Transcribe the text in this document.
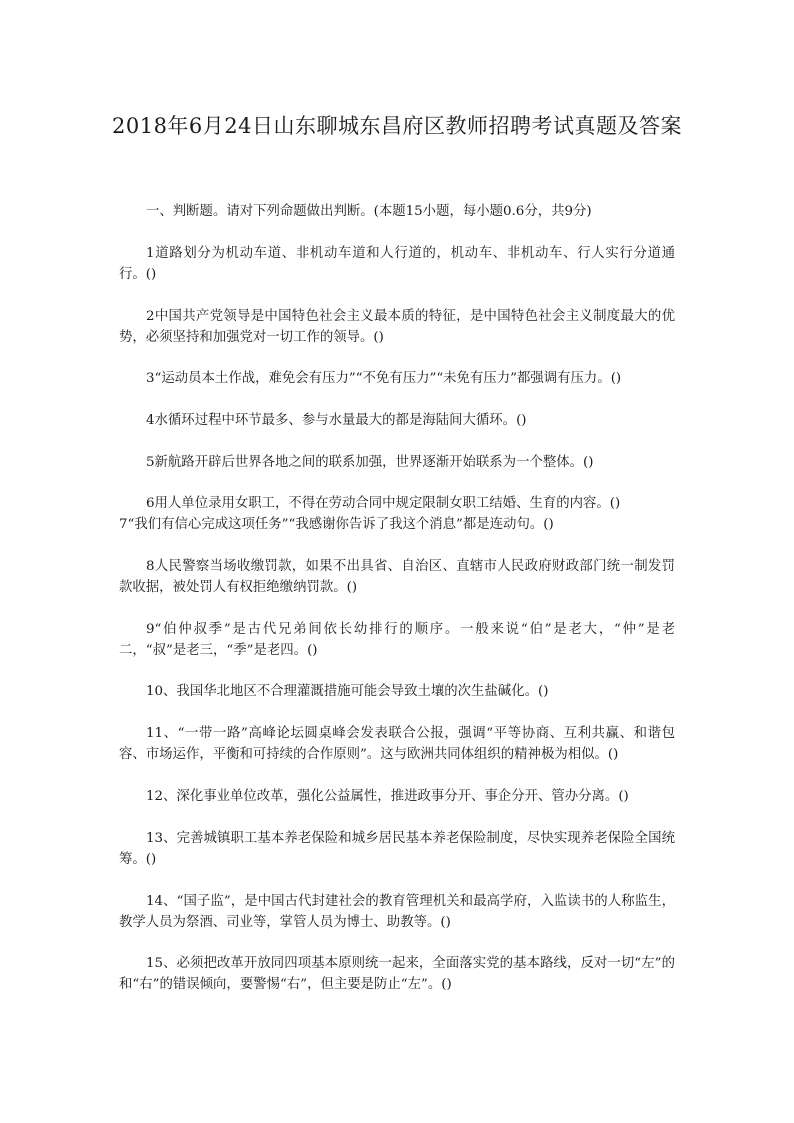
2018年6月24日山东聊城东昌府区教师招聘考试真题及答案

一、判断题。请对下列命题做出判断。(本题15小题，每小题0.6分，共9分)

1道路划分为机动车道、非机动车道和人行道的，机动车、非机动车、行人实行分道通行。()

2中国共产党领导是中国特色社会主义最本质的特征，是中国特色社会主义制度最大的优势，必须坚持和加强党对一切工作的领导。()

3“运动员本土作战，难免会有压力”“不免有压力”“未免有压力”都强调有压力。()

4水循环过程中环节最多、参与水量最大的都是海陆间大循环。()

5新航路开辟后世界各地之间的联系加强，世界逐渐开始联系为一个整体。()

6用人单位录用女职工，不得在劳动合同中规定限制女职工结婚、生育的内容。()

7“我们有信心完成这项任务”“我感谢你告诉了我这个消息”都是连动句。()

8人民警察当场收缴罚款，如果不出具省、自治区、直辖市人民政府财政部门统一制发罚款收据，被处罚人有权拒绝缴纳罚款。()

9“伯仲叔季”是古代兄弟间依长幼排行的顺序。一般来说“伯”是老大，“仲”是老二，“叔”是老三，“季”是老四。()

10、我国华北地区不合理灌溉措施可能会导致土壤的次生盐碱化。()

11、“一带一路”高峰论坛圆桌峰会发表联合公报，强调“平等协商、互利共赢、和谐包容、市场运作，平衡和可持续的合作原则”。这与欧洲共同体组织的精神极为相似。()

12、深化事业单位改革，强化公益属性，推进政事分开、事企分开、管办分离。()

13、完善城镇职工基本养老保险和城乡居民基本养老保险制度，尽快实现养老保险全国统筹。()

14、“国子监”，是中国古代封建社会的教育管理机关和最高学府，入监读书的人称监生，教学人员为祭酒、司业等，掌管人员为博士、助教等。()

15、必须把改革开放同四项基本原则统一起来，全面落实党的基本路线，反对一切“左”的和“右”的错误倾向，要警惕“右”，但主要是防止“左”。()
